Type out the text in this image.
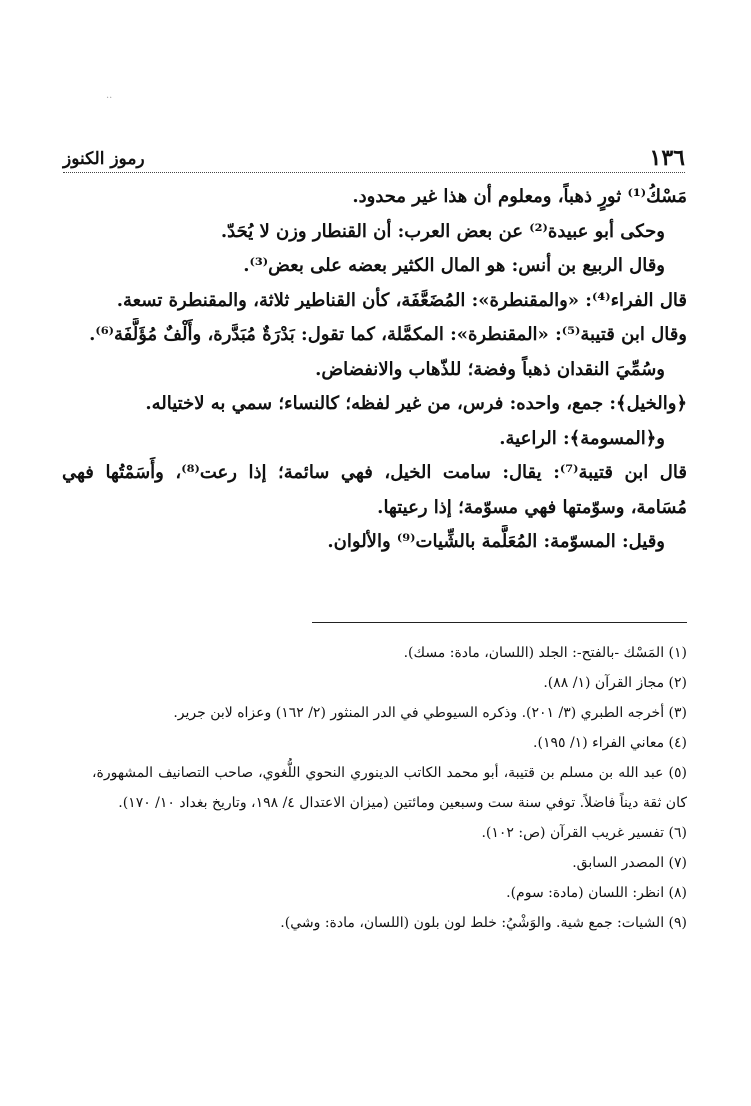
··
١٣٦
رموز الكنوز

مَسْكُ⁽¹⁾ ثورٍ ذهباً، ومعلوم أن هذا غير محدود.

وحكى أبو عبيدة⁽²⁾ عن بعض العرب: أن القنطار وزن لا يُحَدّ.

وقال الربيع بن أنس: هو المال الكثير بعضه على بعض⁽³⁾.

قال الفراء⁽⁴⁾: «والمقنطرة»: المُضَعَّفَة، كأن القناطير ثلاثة، والمقنطرة تسعة.

وقال ابن قتيبة⁽⁵⁾: «المقنطرة»: المكمَّلة، كما تقول: بَدْرَةٌ مُبَدَّرة، وأَلْفٌ مُؤَلَّفَة⁽⁶⁾.

وسُمِّيَ النقدان ذهباً وفضة؛ للذّهاب والانفضاض.

﴿والخيل﴾: جمع، واحده: فرس، من غير لفظه؛ كالنساء؛ سمي به لاختياله.

و﴿المسومة﴾: الراعية.

قال ابن قتيبة⁽⁷⁾: يقال: سامت الخيل، فهي سائمة؛ إذا رعت⁽⁸⁾، وأَسَمْتُها فهي مُسَامة، وسوّمتها فهي مسوّمة؛ إذا رعيتها.

وقيل: المسوّمة: المُعَلَّمة بالشِّيات⁽⁹⁾ والألوان.

(١) المَسْك -بالفتح-: الجلد (اللسان، مادة: مسك).

(٢) مجاز القرآن (١/ ٨٨).

(٣) أخرجه الطبري (٣/ ٢٠١). وذكره السيوطي في الدر المنثور (٢/ ١٦٢) وعزاه لابن جرير.

(٤) معاني الفراء (١/ ١٩٥).

(٥) عبد الله بن مسلم بن قتيبة، أبو محمد الكاتب الدينوري النحوي اللُّغوي، صاحب التصانيف المشهورة، كان ثقة ديناً فاضلاً. توفي سنة ست وسبعين ومائتين (ميزان الاعتدال ٤/ ١٩٨، وتاريخ بغداد ١٠/ ١٧٠).

(٦) تفسير غريب القرآن (ص: ١٠٢).

(٧) المصدر السابق.

(٨) انظر: اللسان (مادة: سوم).

(٩) الشيات: جمع شية. والوَشْيُ: خلط لون بلون (اللسان، مادة: وشي).
